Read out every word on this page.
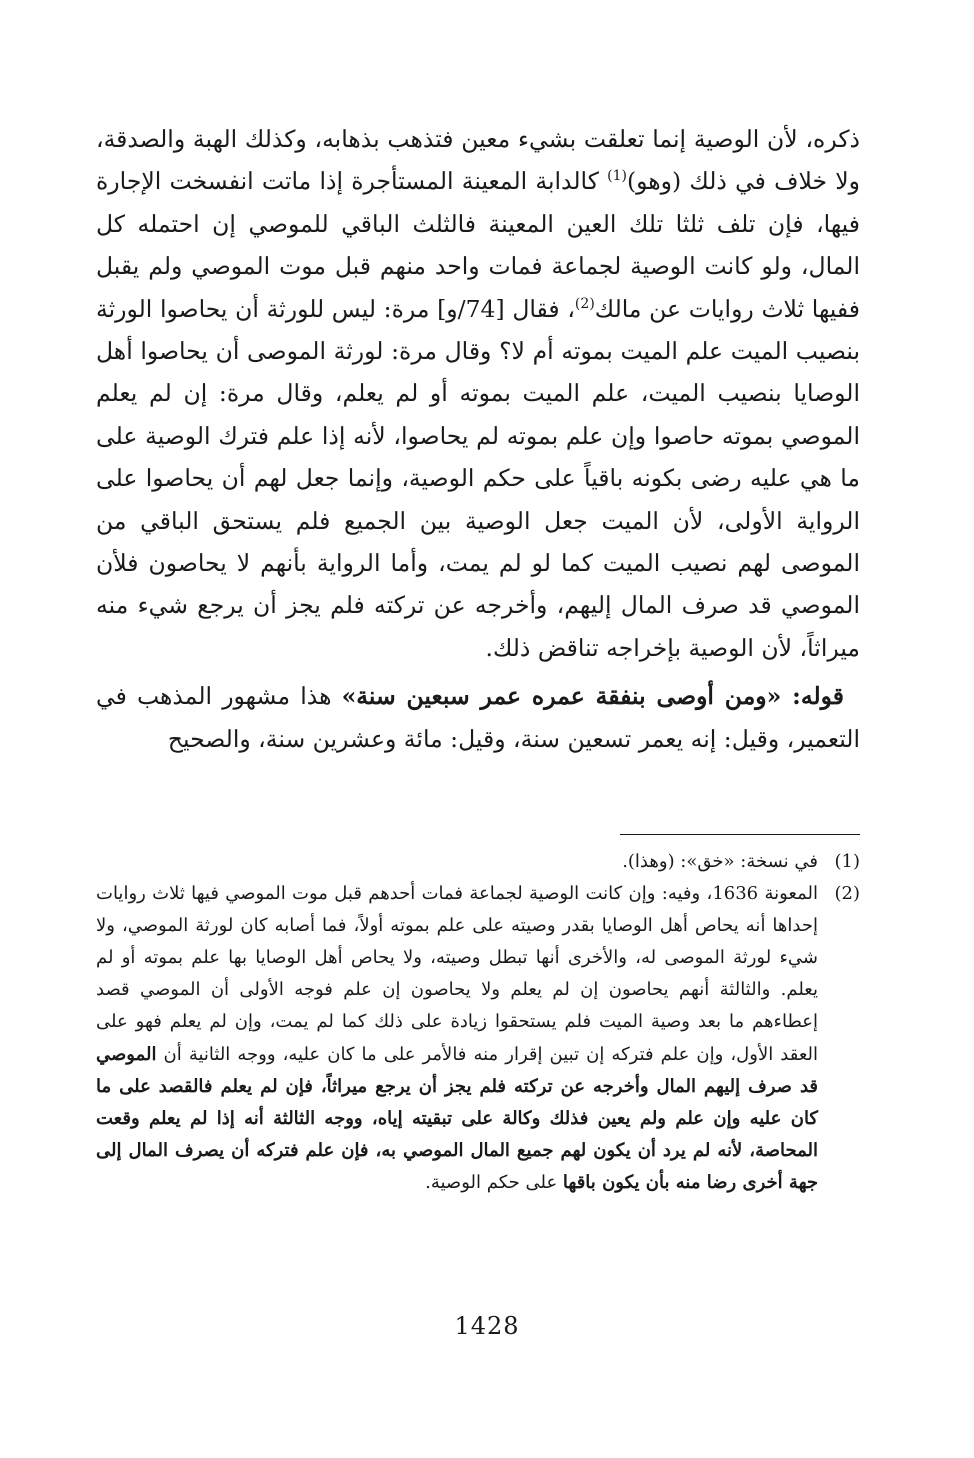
ذكره، لأن الوصية إنما تعلقت بشيء معين فتذهب بذهابه، وكذلك الهبة والصدقة، ولا خلاف في ذلك (وهو)$^{(1)}$ كالدابة المعينة المستأجرة إذا ماتت انفسخت الإجارة فيها، فإن تلف ثلثا تلك العين المعينة فالثلث الباقي للموصي إن احتمله كل المال، ولو كانت الوصية لجماعة فمات واحد منهم قبل موت الموصي ولم يقبل ففيها ثلاث روايات عن مالك$^{(2)}$، فقال [74/و] مرة: ليس للورثة أن يحاصوا الورثة بنصيب الميت علم الميت بموته أم لا؟ وقال مرة: لورثة الموصى أن يحاصوا أهل الوصايا بنصيب الميت، علم الميت بموته أو لم يعلم، وقال مرة: إن لم يعلم الموصي بموته حاصوا وإن علم بموته لم يحاصوا، لأنه إذا علم فترك الوصية على ما هي عليه رضى بكونه باقياً على حكم الوصية، وإنما جعل لهم أن يحاصوا على الرواية الأولى، لأن الميت جعل الوصية بين الجميع فلم يستحق الباقي من الموصى لهم نصيب الميت كما لو لم يمت، وأما الرواية بأنهم لا يحاصون فلأن الموصي قد صرف المال إليهم، وأخرجه عن تركته فلم يجز أن يرجع شيء منه ميراثاً، لأن الوصية بإخراجه تناقض ذلك.

قوله: «ومن أوصى بنفقة عمره عمر سبعين سنة» هذا مشهور المذهب في التعمير، وقيل: إنه يعمر تسعين سنة، وقيل: مائة وعشرين سنة، والصحيح

(1)
في نسخة: «خق»: (وهذا).
(2)
المعونة 1636، وفيه: وإن كانت الوصية لجماعة فمات أحدهم قبل موت الموصي فيها ثلاث روايات إحداها أنه يحاص أهل الوصايا بقدر وصيته على علم بموته أولاً، فما أصابه كان لورثة الموصي، ولا شيء لورثة الموصى له، والأخرى أنها تبطل وصيته، ولا يحاص أهل الوصايا بها علم بموته أو لم يعلم. والثالثة أنهم يحاصون إن لم يعلم ولا يحاصون إن علم فوجه الأولى أن الموصي قصد إعطاءهم ما بعد وصية الميت فلم يستحقوا زيادة على ذلك كما لم يمت، وإن لم يعلم فهو على العقد الأول، وإن علم فتركه إن تبين إقرار منه فالأمر على ما كان عليه، ووجه الثانية أن الموصي قد صرف إليهم المال وأخرجه عن تركته فلم يجز أن يرجع ميراثاً، فإن لم يعلم فالقصد على ما كان عليه وإن علم ولم يعين فذلك وكالة على تبقيته إياه، ووجه الثالثة أنه إذا لم يعلم وقعت المحاصة، لأنه لم يرد أن يكون لهم جميع المال الموصي به، فإن علم فتركه أن يصرف المال إلى جهة أخرى رضا منه بأن يكون باقها على حكم الوصية.
1428
